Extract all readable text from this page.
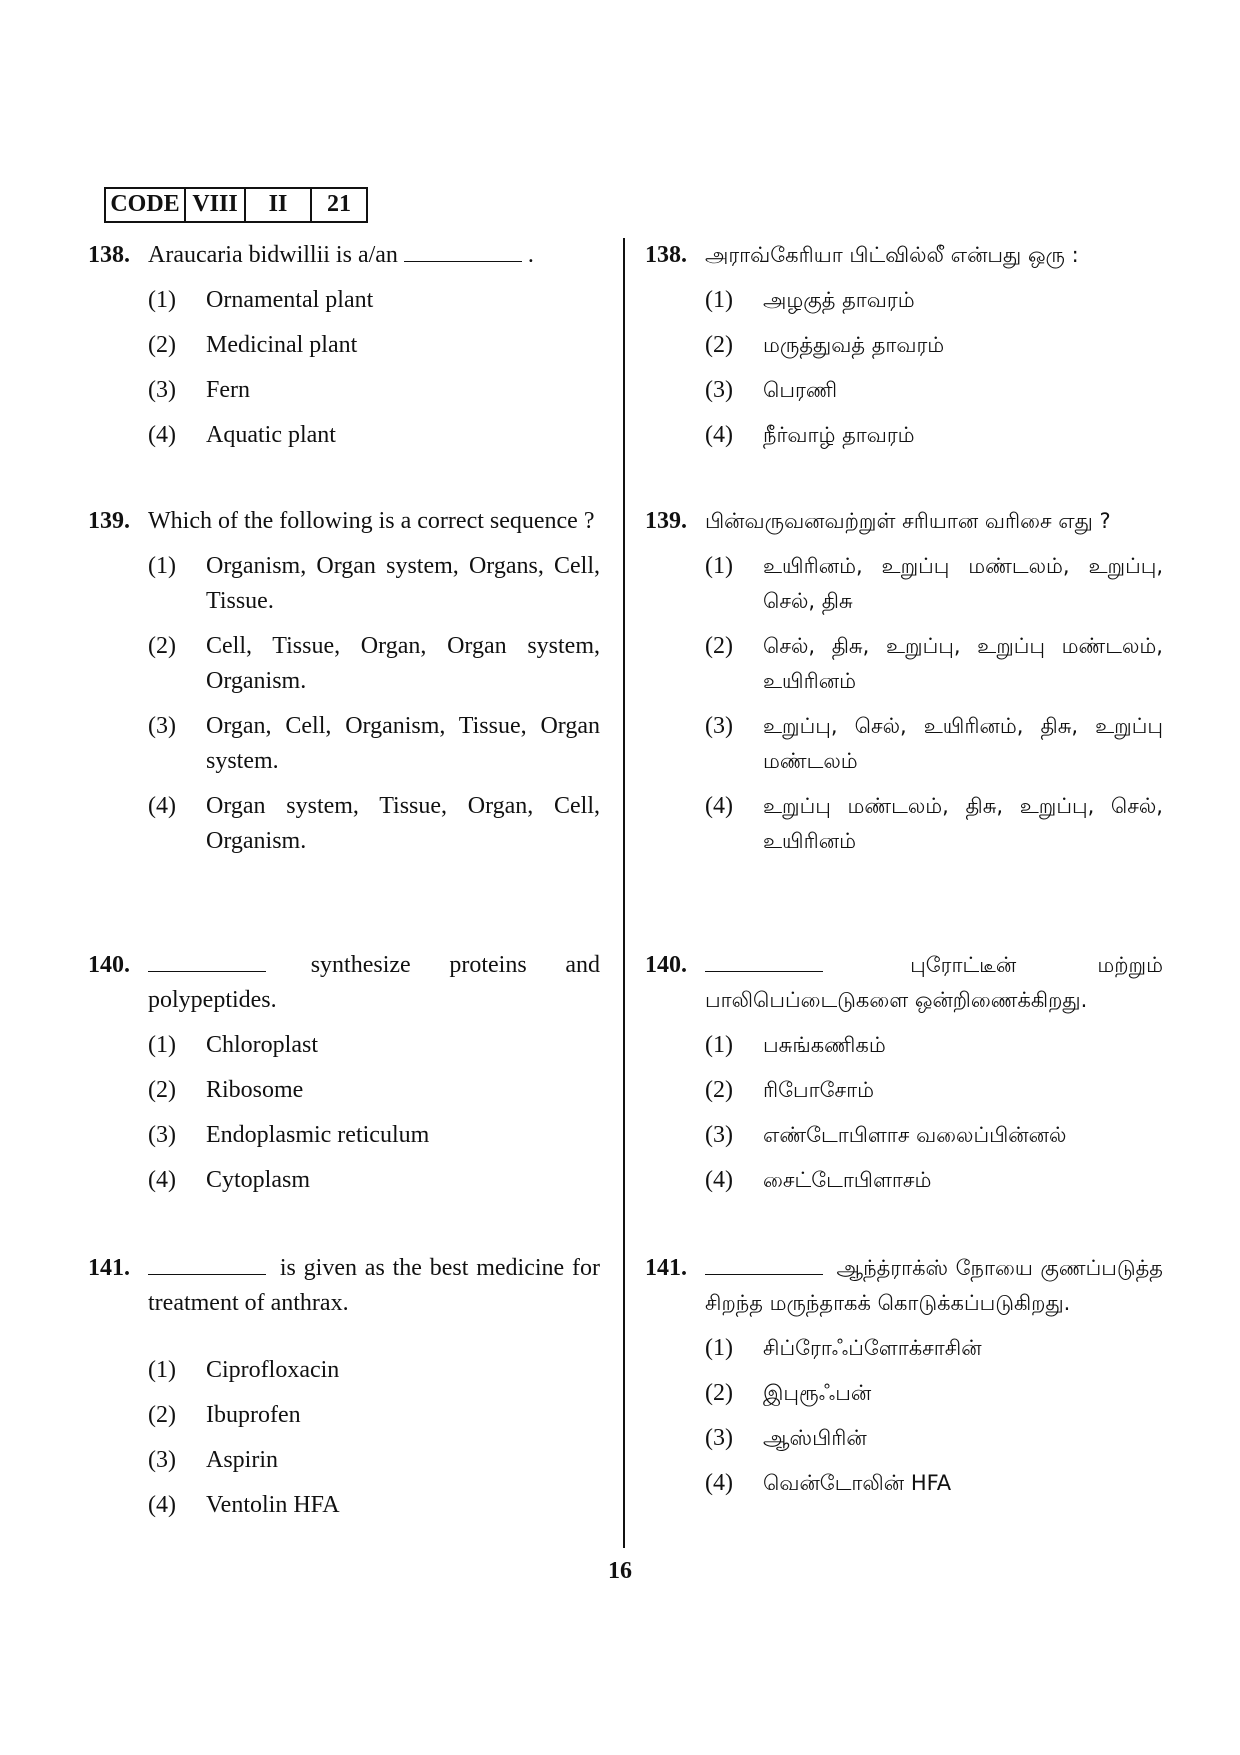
CODE VIII	II	21
138. Araucaria bidwillii is a/an	.
(1)	Ornamental plant
(2)	Medicinal plant
(3)	Fern
(4)	Aquatic plant
139. Which of the following is a correct sequence ?
(1)	Organism, Organ system, Organs, Cell, Tissue.
(2)	Cell, Tissue, Organ, Organ system, Organism.
(3)	Organ, Cell, Organism, Tissue, Organ system.
(4)	Organ system, Tissue, Organ, Cell, Organism.
140.	synthesize proteins and polypeptides.
(1)	Chloroplast
(2)	Ribosome
(3)	Endoplasmic reticulum
(4)	Cytoplasm
141.	is given as the best medicine for treatment of anthrax.
(1)	Ciprofloxacin
(2)	Ibuprofen
(3)	Aspirin
(4)	Ventolin HFA
138. அராவ்கேரியா பிட்வில்லீ என்பது ஒரு :
(1)	அழகுத் தாவரம்
(2)	மருத்துவத் தாவரம்
(3)	பெரணி
(4)	நீர்வாழ் தாவரம்
139. பின்வருவனவற்றுள் சரியான வரிசை எது ?
(1)	உயிரினம், உறுப்பு மண்டலம், உறுப்பு, செல், திசு
(2)	செல், திசு, உறுப்பு, உறுப்பு மண்டலம், உயிரினம்
(3)	உறுப்பு, செல், உயிரினம், திசு, உறுப்பு மண்டலம்
(4)	உறுப்பு மண்டலம், திசு, உறுப்பு, செல், உயிரினம்
140.	புரோட்டீன் மற்றும் பாலிபெப்டைடுகளை ஒன்றிணைக்கிறது.
(1)	பசுங்கணிகம்
(2)	ரிபோசோம்
(3)	எண்டோபிளாச வலைப்பின்னல்
(4)	சைட்டோபிளாசம்
141.	ஆந்த்ராக்ஸ் நோயை குணப்படுத்த சிறந்த மருந்தாகக் கொடுக்கப்படுகிறது.
(1)	சிப்ரோஃப்ளோக்சாசின்
(2)	இபுரூஃபன்
(3)	ஆஸ்பிரின்
(4)	வென்டோலின் HFA
16
